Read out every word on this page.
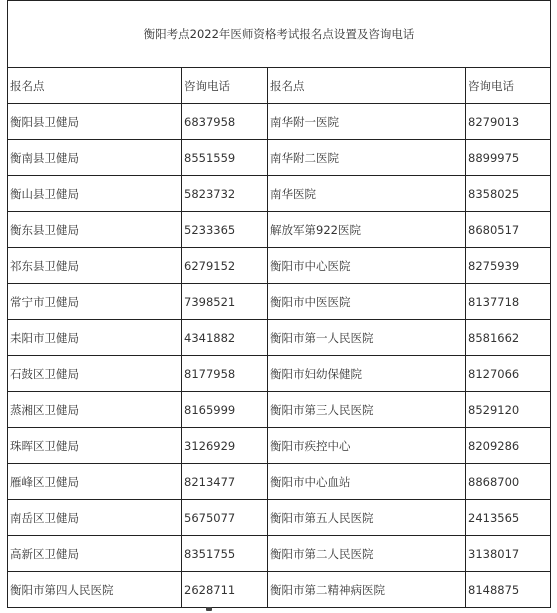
衡阳考点2022年医师资格考试报名点设置及咨询电话			
报名点	咨询电话	报名点	咨询电话
衡阳县卫健局	6837958	南华附一医院	8279013
衡南县卫健局	8551559	南华附二医院	8899975
衡山县卫健局	5823732	南华医院	8358025
衡东县卫健局	5233365	解放军第922医院	8680517
祁东县卫健局	6279152	衡阳市中心医院	8275939
常宁市卫健局	7398521	衡阳市中医医院	8137718
耒阳市卫健局	4341882	衡阳市第一人民医院	8581662
石鼓区卫健局	8177958	衡阳市妇幼保健院	8127066
蒸湘区卫健局	8165999	衡阳市第三人民医院	8529120
珠晖区卫健局	3126929	衡阳市疾控中心	8209286
雁峰区卫健局	8213477	衡阳市中心血站	8868700
南岳区卫健局	5675077	衡阳市第五人民医院	2413565
高新区卫健局	8351755	衡阳市第二人民医院	3138017
衡阳市第四人民医院	2628711	衡阳市第二精神病医院	8148875
